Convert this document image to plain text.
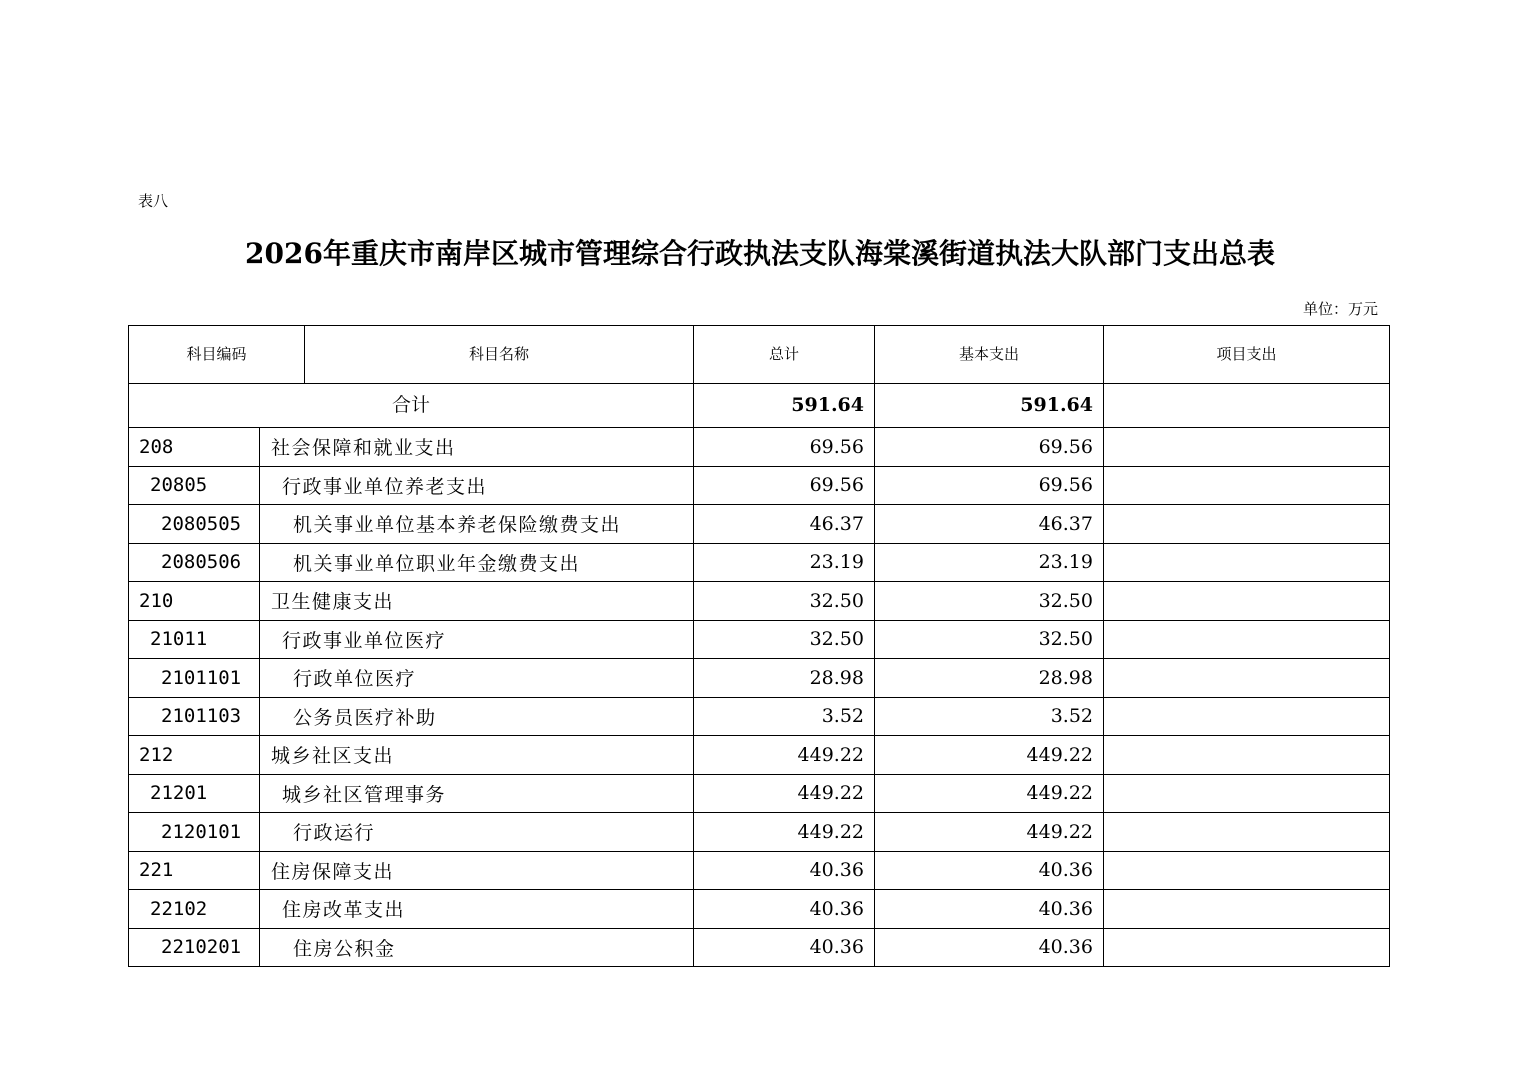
表八
2026年重庆市南岸区城市管理综合行政执法支队海棠溪街道执法大队部门支出总表
单位：万元
科目编码	科目名称	总计	基本支出	项目支出
合计	591.64	591.64
208	社会保障和就业支出	69.56	69.56
20805	行政事业单位养老支出	69.56	69.56
2080505	机关事业单位基本养老保险缴费支出	46.37	46.37
2080506	机关事业单位职业年金缴费支出	23.19	23.19
210	卫生健康支出	32.50	32.50
21011	行政事业单位医疗	32.50	32.50
2101101	行政单位医疗	28.98	28.98
2101103	公务员医疗补助	3.52	3.52
212	城乡社区支出	449.22	449.22
21201	城乡社区管理事务	449.22	449.22
2120101	行政运行	449.22	449.22
221	住房保障支出	40.36	40.36
22102	住房改革支出	40.36	40.36
2210201	住房公积金	40.36	40.36
